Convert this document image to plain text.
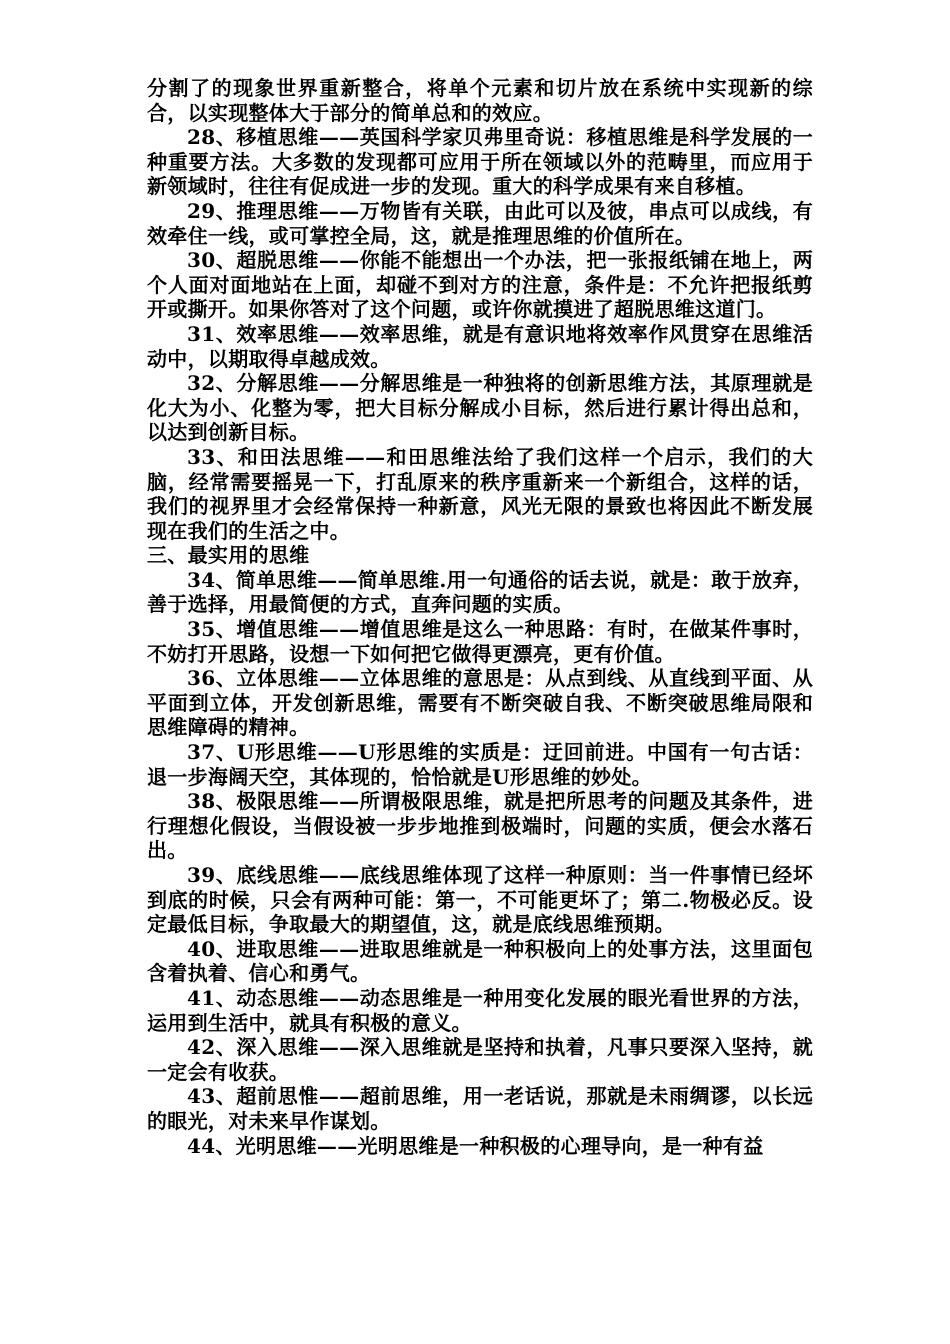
分割了的现象世界重新整合，将单个元素和切片放在系统中实现新的综合，以实现整体大于部分的简单总和的效应。

28、移植思维——英国科学家贝弗里奇说：移植思维是科学发展的一种重要方法。大多数的发现都可应用于所在领域以外的范畴里，而应用于新领域时，往往有促成进一步的发现。重大的科学成果有来自移植。

29、推理思维——万物皆有关联，由此可以及彼，串点可以成线，有效牵住一线，或可掌控全局，这，就是推理思维的价值所在。

30、超脱思维——你能不能想出一个办法，把一张报纸铺在地上，两个人面对面地站在上面，却碰不到对方的注意，条件是：不允许把报纸剪开或撕开。如果你答对了这个问题，或许你就摸进了超脱思维这道门。

31、效率思维——效率思维，就是有意识地将效率作风贯穿在思维活动中，以期取得卓越成效。

32、分解思维——分解思维是一种独将的创新思维方法，其原理就是化大为小、化整为零，把大目标分解成小目标，然后进行累计得出总和，以达到创新目标。

33、和田法思维——和田思维法给了我们这样一个启示，我们的大脑，经常需要摇晃一下，打乱原来的秩序重新来一个新组合，这样的话，我们的视界里才会经常保持一种新意，风光无限的景致也将因此不断发展现在我们的生活之中。

三、最实用的思维

34、简单思维——简单思维.用一句通俗的话去说，就是：敢于放弃，善于选择，用最简便的方式，直奔问题的实质。

35、增值思维——增值思维是这么一种思路：有时，在做某件事时，不妨打开思路，设想一下如何把它做得更漂亮，更有价值。

36、立体思维——立体思维的意思是：从点到线、从直线到平面、从平面到立体，开发创新思维，需要有不断突破自我、不断突破思维局限和思维障碍的精神。

37、U形思维——U形思维的实质是：迂回前进。中国有一句古话：退一步海阔天空，其体现的，恰恰就是U形思维的妙处。

38、极限思维——所谓极限思维，就是把所思考的问题及其条件，进行理想化假设，当假设被一步步地推到极端时，问题的实质，便会水落石出。

39、底线思维——底线思维体现了这样一种原则：当一件事情已经坏到底的时候，只会有两种可能：第一，不可能更坏了；第二.物极必反。设定最低目标，争取最大的期望值，这，就是底线思维预期。

40、进取思维——进取思维就是一种积极向上的处事方法，这里面包含着执着、信心和勇气。

41、动态思维——动态思维是一种用变化发展的眼光看世界的方法，运用到生活中，就具有积极的意义。

42、深入思维——深入思维就是坚持和执着，凡事只要深入坚持，就一定会有收获。

43、超前思惟——超前思维，用一老话说，那就是未雨绸谬，以长远的眼光，对未来早作谋划。

44、光明思维——光明思维是一种积极的心理导向，是一种有益
